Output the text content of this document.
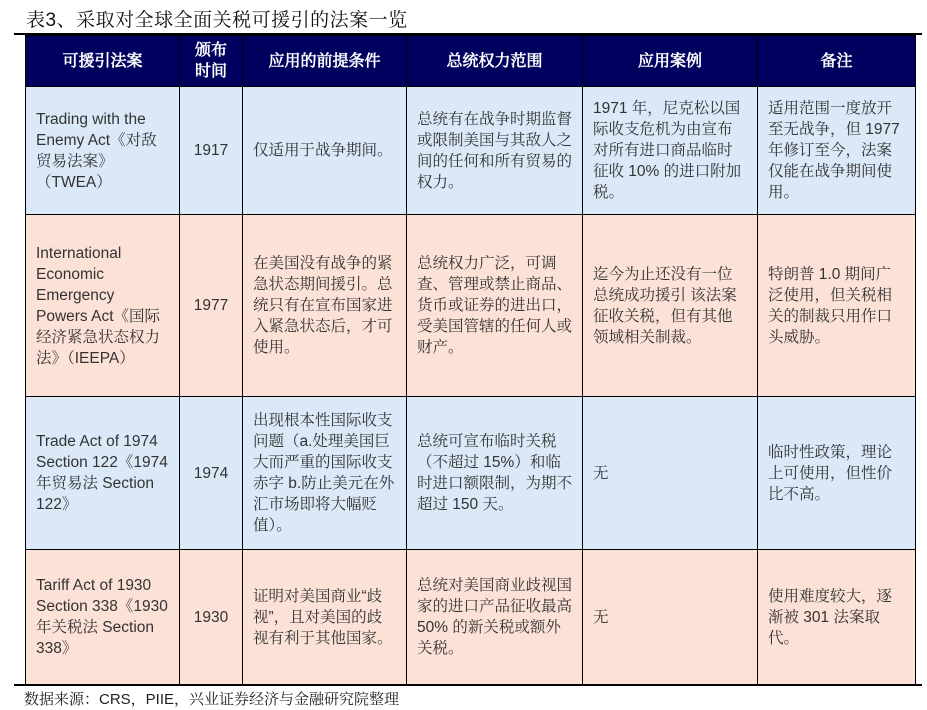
表3、采取对全球全面关税可援引的法案一览
可援引法案	颁布时间	应用的前提条件	总统权力范围	应用案例	备注
Trading with the Enemy Act《对敌贸易法案》（TWEA）	1917	仅适用于战争期间。	总统有在战争时期监督或限制美国与其敌人之间的任何和所有贸易的权力。	1971 年，尼克松以国际收支危机为由宣布对所有进口商品临时征收 10% 的进口附加税。	适用范围一度放开至无战争，但 1977 年修订至今，法案仅能在战争期间使用。
International Economic Emergency Powers Act《国际经济紧急状态权力法》（IEEPA）	1977	在美国没有战争的紧急状态期间援引。总统只有在宣布国家进入紧急状态后，才可使用。	总统权力广泛，可调查、管理或禁止商品、货币或证券的进出口，受美国管辖的任何人或财产。	迄今为止还没有一位总统成功援引 该法案征收关税，但有其他领域相关制裁。	特朗普 1.0 期间广泛使用，但关税相关的制裁只用作口头威胁。
Trade Act of 1974 Section 122《1974 年贸易法 Section 122》	1974	出现根本性国际收支问题（a.处理美国巨大而严重的国际收支赤字 b.防止美元在外汇市场即将大幅贬值）。	总统可宣布临时关税（不超过 15%）和临时进口额限制，为期不超过 150 天。	无	临时性政策，理论上可使用，但性价比不高。
Tariff Act of 1930 Section 338《1930 年关税法 Section 338》	1930	证明对美国商业“歧视”，且对美国的歧视有利于其他国家。	总统对美国商业歧视国家的进口产品征收最高 50% 的新关税或额外关税。	无	使用难度较大，逐渐被 301 法案取代。
数据来源：CRS，PIIE，兴业证券经济与金融研究院整理
